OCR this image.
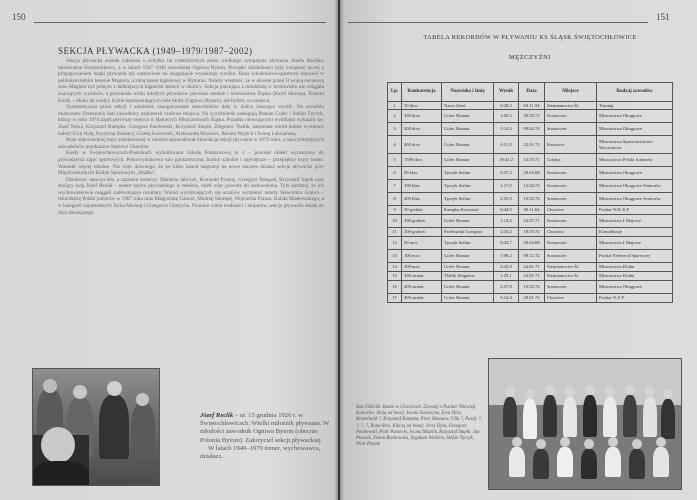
150
SEKCJA PŁYWACKA (1949–1979/1987–2002)

Sekcja pływacka została założona u schyłku lat czterdziestych przez wielkiego sympatyka pływania Józefa Reclika, mieszkańca Świętochłowic, a w latach 1947–1949 zawodnika Ogniwa Bytom. Początki działalności były związane raczej z propagowaniem nauki pływania niż nastawione na osiągnięcie wysokiego wyniku. Baza szkoleniowo-sportowa stanowił w pobliskim letnim basenie Magiera, a zimą basen kąpielowy w Bytomiu. Należy wiedzieć, że w okresie przed II wojną światową staw Magiera był jednym z ładniejszych kąpielisk letnich w okolicy. Sekcja pracująca z młodzieżą w środowisku nie osiągała znaczących wyników, a przyniosła wielu młodych pływaków pierwsze medale i mistrzostwa Śląska (Karol Skorupa, Konrad Kozik – Skoki do wody), liczne reprezentujących inne kluby (Ogniwo Bytom), nie byłoby na miejscu.

Systematyczna praca sekcji i sumienne zaangażowanie zawodników dały w końcu znaczące wyniki. Na szczeblu mistrzostw Zrzeszenia Stal zawodnicy zajmowali czołowe miejsca. Na wyróżnienie zasługują Roman Golec i Stefan Tęczyk, którzy w roku 1974 zajęli pierwsze miejsca w Halowych Mistrzostwach Śląska. Ponadto obiecującymi wynikami wykazali się: Józef Nawa, Krzysztof Kampka, Grzegorz Pawłowski, Krzysztof Słupik, Zbigniew Tlatlik, natomiast wśród kobiet wymienić należy Ewę Hyłę, Krystynę Skubacz, Gizelę Świecznik, Aleksandrę Mrowiec, Renatę Wypich i Iwonę Lubojańską.

Brak odpowiedniej bazy szkoleniowej w mieście spowodował likwidację sekcji pływania w 1979 roku, a najwybitniejszych zawodników przekazano Startowi Chorzów.

Kiedy w Świętochłowicach-Piaśnikach wybudowano Szkołę Podstawową nr 1 – powstał obiekt wymarzony do prowadzenia zajęć sportowych. Pełnowymiarowa sala gimnastyczna, boisko szkolne i największe – przepiękny kryty basen. Warunki więcej idealne. Nie więc dziwnego, że po kilku latach stagnacji na nowo zaczęła działać sekcja pływacka przy Międzyszkolnym Klubie Sportowym „Skałka”.

Działacze, nauczyciele, a zarazem trenerzy: Marzena Jabczyk, Romuald Pyszny, Grzegorz Śniegoń, Krzysztof Jopek oraz służący radą Józef Reclik – nestor sportu pływackiego w mieście, mieli więc powody do zadowolenia. Tym bardziej, że ich wychowankowie osiągali zadowalające rezultaty. Wśród wyróżniających się uczniów wymienić należy Sławomira Grabca – rekordzistę Polski juniorów w 1987 roku oraz Małgorzatę Gamoń, Monikę Skorupę, Wojciecha Frausa, Rafała Masłowskiego, a w kategorii najmłodszych Jacka Michnę i Grzegorza Gładycha. Pomimo wielu trudności i kłopotów, sekcja pływacka działa do dnia dzisiejszego.

Józef Reclik – ur. 15 grudnia 1926 r. w Świętochłowicach. Wielki miłośnik pływania. W młodości zawodnik Ogniwa Bytom (obecnie Polonia Bytom). Założyciel sekcji pływackiej.
W latach 1949–1979 trener, wychowawca, działacz.
151
TABELA REKORDÓW W PŁYWANIU KS ŚLĄSK ŚWIĘTOCHŁOWICE
MĘŻCZYŹNI
Lp.	Konkurencja	Nazwisko i Imię	Wynik	Data	Miejsce	Rodzaj zawodów
1	50 dow.	Nawa Józef	0:28,5	04.11.54	Siemianowice Śl.	Trening
2	100 dow.	Golec Roman	1:00,5	20.03.72	Sosnowiec	Mistrzostwa Okręgowe
3	200 dow.	Golec Roman	2:14,2	09.02.74	Sosnowiec	Mistrzostwa Okręgowe
4	400 dow.	Golec Roman	4:51,5	22.01.72	Katowice	Mistrzostwa Sprawnościowo-Wyczynowe
5	1500 dow.	Golec Roman	19:41,2	14.03.71	Gdynia	Mistrzostwa Polski Juniorów
6	50 klas.	Tęczyk Stefan	0:37,2	28.04.68	Sosnowiec	Mistrzostwa Okręgowe
7	100 klas.	Tęczyk Stefan	1:17,0	12.02.74	Sosnowiec	Mistrzostwa Okręgowe Seniorów
8	200 klas.	Tęczyk Stefan	2:55,5	10.02.74	Sosnowiec	Mistrzostwa Okręgowe Seniorów
9	50 grzbiet.	Kampka Krzysztof	0:44,5	06.11.64	Chorzów	Puchar W.K.K.F
10	100 grzbiet.	Golec Roman	1:14,5	24.07.71	Sosnowiec	Mistrzostwa I-Majowe
11	200 grzbiet.	Pawłowski Grzegorz	2:33,2	18.03.74	Chorzów	Klasyfikacje
12	50 mot.	Tęczyk Stefan	0:34,7	28.04.68	Sosnowiec	Mistrzostwa I-Majowe
13	100 mot.	Golec Roman	1:08,2	09.12.72	Sosnowiec	Puchar Federacji Sportowej
14	200 mot.	Golec Roman	2:42,0	24.01.71	Siemianowice Śl.	Mistrzostwa Klubu
15	100 zmien.	Tlatlik Zbigniew	1:29,1	24.01.71	Siemianowice Śl.	Mistrzostwa Klubu
16	200 zmien.	Golec Roman	2:37,0	10.02.74	Sosnowiec	Mistrzostwa Okręgowe
17	400 zmien.	Golec Roman	5:14,4	28.01.72	Chorzów	Puchar O.Z.P
Rok 1965/66. Basen w Chorzowie. Zawody o Puchar Telewizji Katowice. Stoją od lewej: Iwona Szwiezyna, Ewa Hyla, Kraterhold ?, Krzysztof Kampka, Piotr Mantura, Ulik ?, Pawly ?, ?, ?, ?, Bona Reis. Klęczą od lewej: Jerzy Dyla, Grzegorz Pawłowski, Piotr Paszecki, Iwona Muznik, Krzysztof Słupik, Jan Ptaszek, Zenon Bieniewska, Zygmunt Wolnica, Stefan Tęczyk, Piotr Ptasek
